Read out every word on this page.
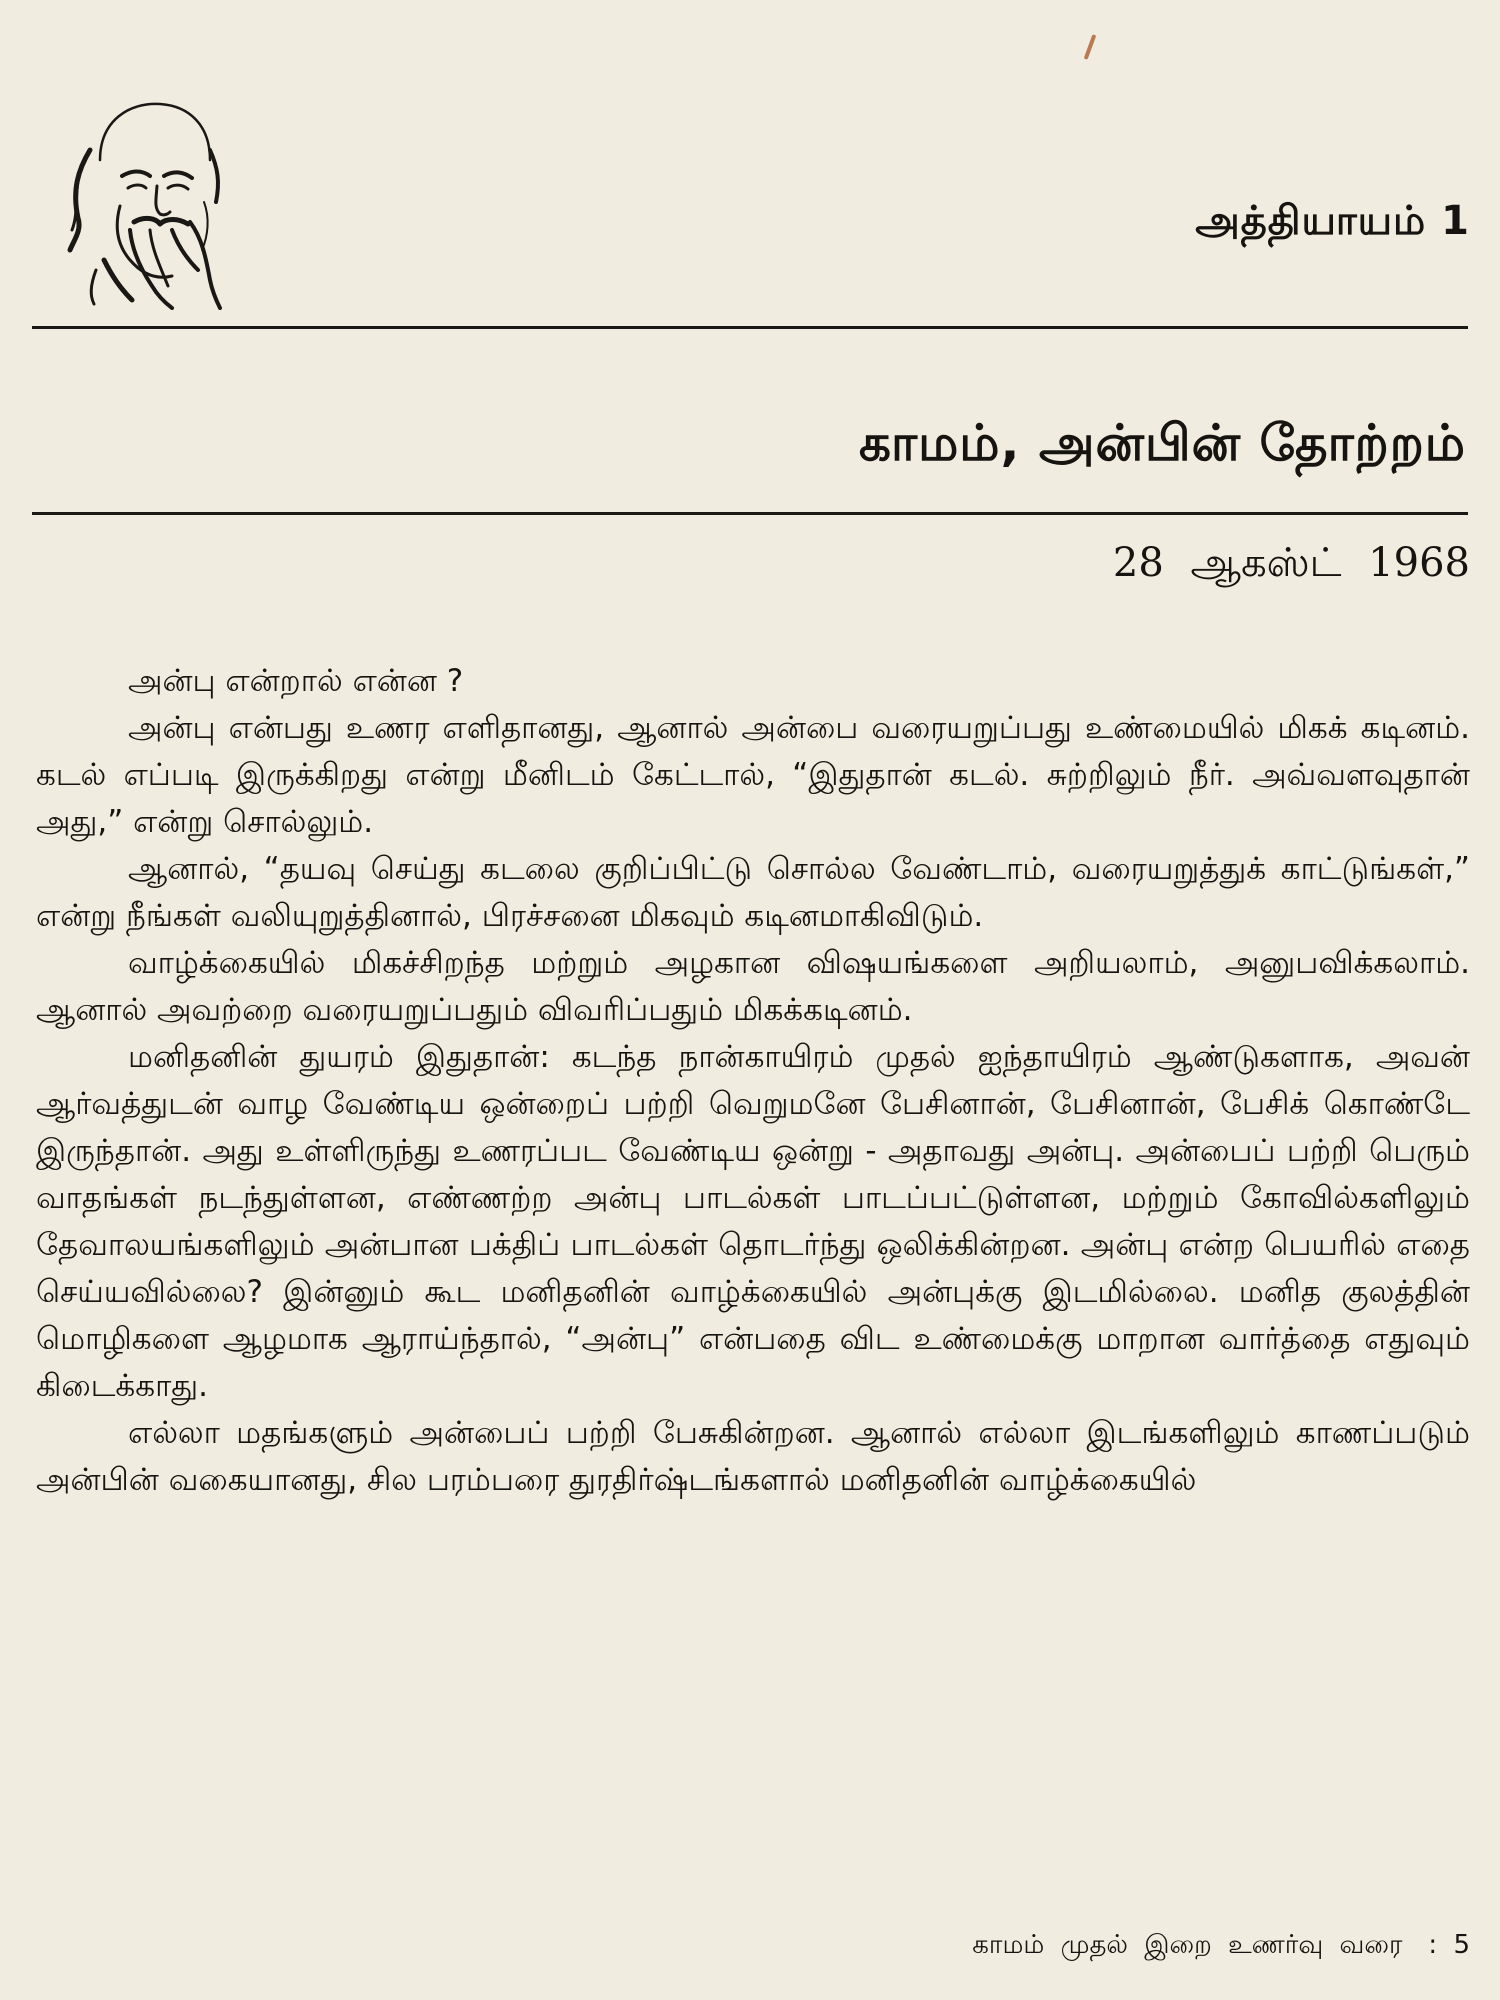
அத்தியாயம் 1
காமம், அன்பின் தோற்றம்
28 ஆகஸ்ட் 1968

அன்பு என்றால் என்ன ?

அன்பு என்பது உணர எளிதானது, ஆனால் அன்பை வரையறுப்பது உண்மையில் மிகக் கடினம். கடல் எப்படி இருக்கிறது என்று மீனிடம் கேட்டால், “இதுதான் கடல். சுற்றிலும் நீர். அவ்வளவுதான் அது,” என்று சொல்லும்.

ஆனால், “தயவு செய்து கடலை குறிப்பிட்டு சொல்ல வேண்டாம், வரையறுத்துக் காட்டுங்கள்,” என்று நீங்கள் வலியுறுத்தினால், பிரச்சனை மிகவும் கடினமாகிவிடும்.

வாழ்க்கையில் மிகச்சிறந்த மற்றும் அழகான விஷயங்களை அறியலாம், அனுபவிக்கலாம். ஆனால் அவற்றை வரையறுப்பதும் விவரிப்பதும் மிகக்கடினம்.

மனிதனின் துயரம் இதுதான்: கடந்த நான்காயிரம் முதல் ஐந்தாயிரம் ஆண்டுகளாக, அவன் ஆர்வத்துடன் வாழ வேண்டிய ஒன்றைப் பற்றி வெறுமனே பேசினான், பேசினான், பேசிக் கொண்டே இருந்தான். அது உள்ளிருந்து உணரப்பட வேண்டிய ஒன்று - அதாவது அன்பு. அன்பைப் பற்றி பெரும் வாதங்கள் நடந்துள்ளன, எண்ணற்ற அன்பு பாடல்கள் பாடப்பட்டுள்ளன, மற்றும் கோவில்களிலும் தேவாலயங்களிலும் அன்பான பக்திப் பாடல்கள் தொடர்ந்து ஒலிக்கின்றன. அன்பு என்ற பெயரில் எதை செய்யவில்லை? இன்னும் கூட மனிதனின் வாழ்க்கையில் அன்புக்கு இடமில்லை. மனித குலத்தின் மொழிகளை ஆழமாக ஆராய்ந்தால், “அன்பு” என்பதை விட உண்மைக்கு மாறான வார்த்தை எதுவும் கிடைக்காது.

எல்லா மதங்களும் அன்பைப் பற்றி பேசுகின்றன. ஆனால் எல்லா இடங்களிலும் காணப்படும் அன்பின் வகையானது, சில பரம்பரை துரதிர்ஷ்டங்களால் மனிதனின் வாழ்க்கையில்

காமம் முதல் இறை உணர்வு வரை : 5
